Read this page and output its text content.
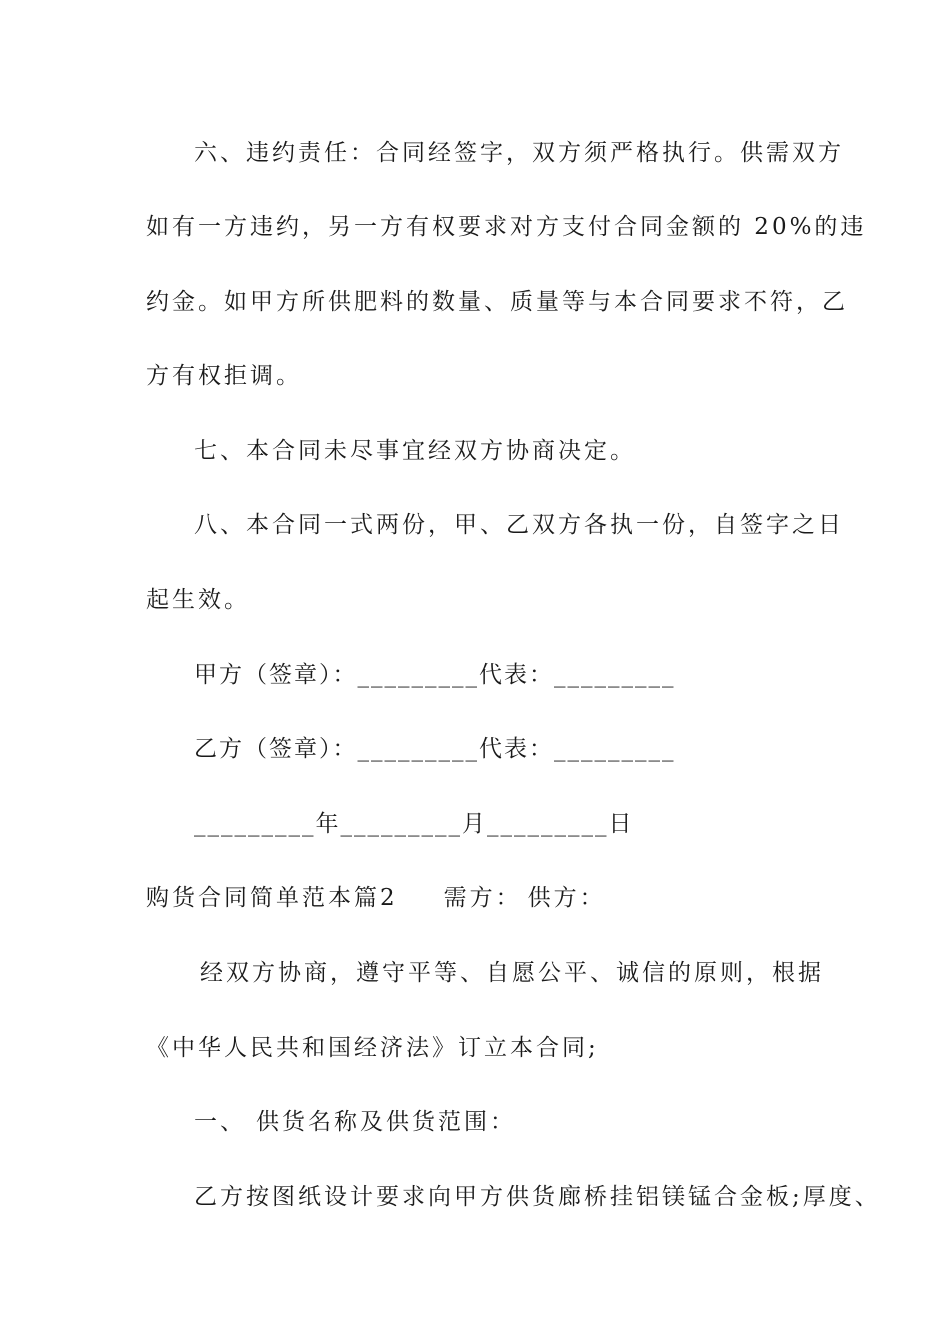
六、违约责任：合同经签字，双方须严格执行。供需双方
如有一方违约，另一方有权要求对方支付合同金额的 20%的违
约金。如甲方所供肥料的数量、质量等与本合同要求不符，乙
方有权拒调。
七、本合同未尽事宜经双方协商决定。
八、本合同一式两份，甲、乙双方各执一份，自签字之日
起生效。
甲方（签章）：_________代表：_________
乙方（签章）：_________代表：_________
_________年_________月_________日
购货合同简单范本篇2 需方： 供方：
经双方协商，遵守平等、自愿公平、诚信的原则，根据
《中华人民共和国经济法》订立本合同;
一、 供货名称及供货范围：
乙方按图纸设计要求向甲方供货廊桥挂铝镁锰合金板;厚度、
